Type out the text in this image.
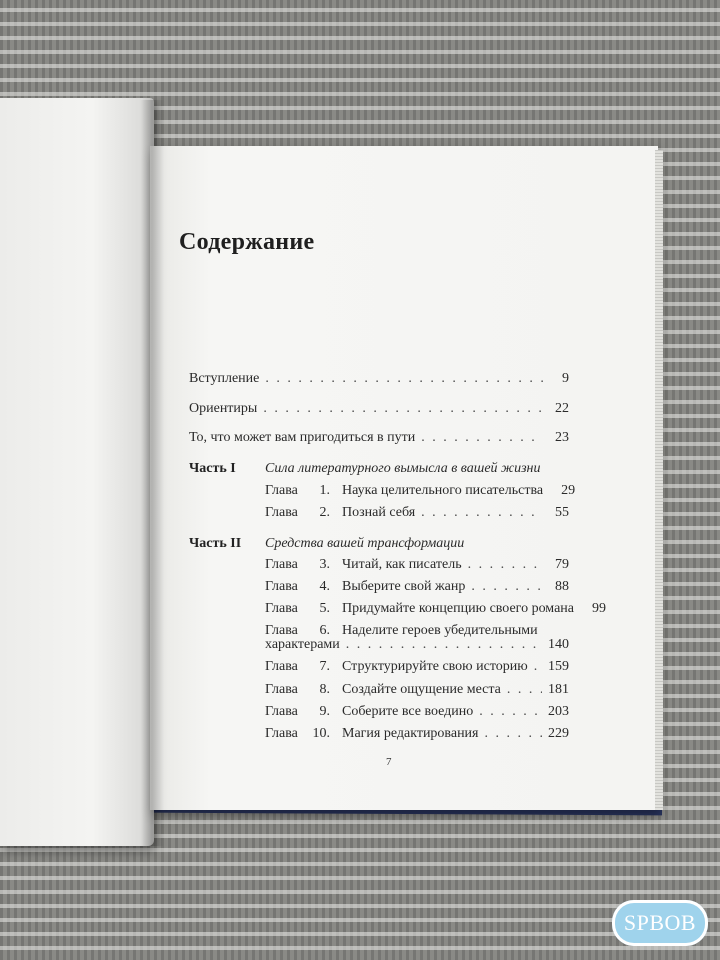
Содержание
Вступление . . .	9
Ориентиры . . .	22
То, что может вам пригодиться в пути . . .	23
Часть I Сила литературного вымысла в вашей жизни
Глава	1. Наука целительного писательства	29
Глава	2. Познай себя . . .	55
Часть II Средства вашей трансформации
Глава	3. Читай, как писатель . . .	79
Глава	4. Выберите свой жанр . . .	88
Глава	5. Придумайте концепцию своего романа	99
Глава	6. Наделите героев убедительными
характерами . . .	140
Глава	7. Структурируйте свою историю . . . 159
Глава	8. Создайте ощущение места . . .	181
Глава	9. Соберите все воедино . . .	203
Глава	10. Магия редактирования . . .	229
7
SPBOB
